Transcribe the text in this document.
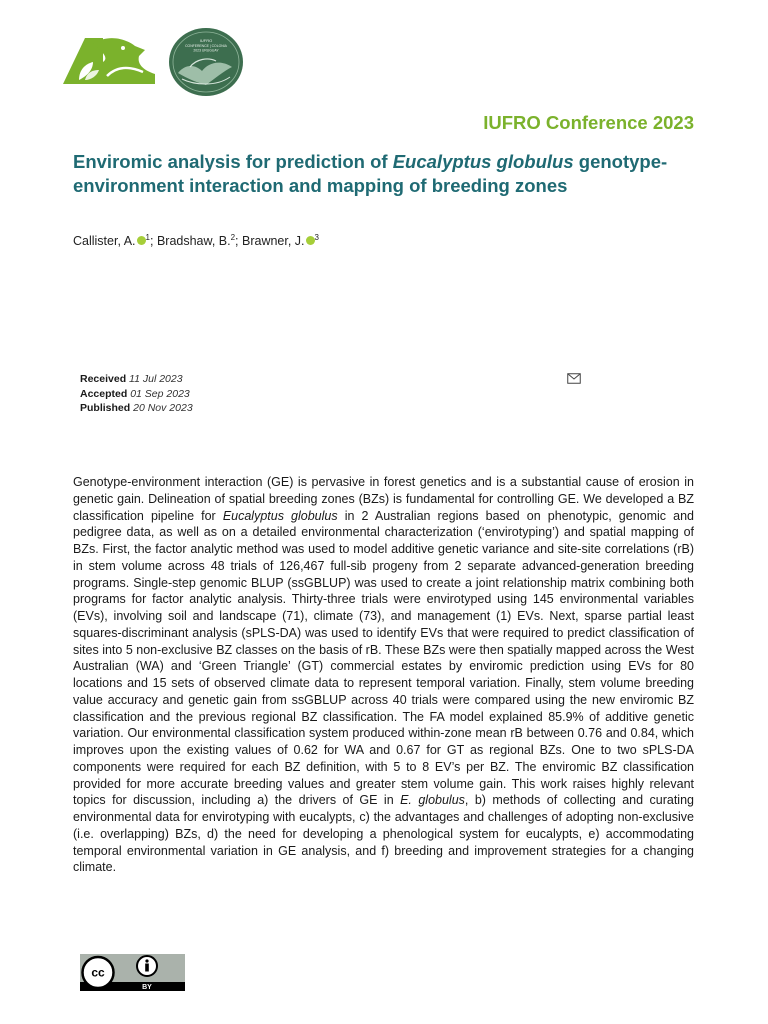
IUFRO
CONFERENCE | COLONIA
2023 URUGUAY
IUFRO Conference 2023
Enviromic analysis for prediction of Eucalyptus globulus genotype-environment interaction and mapping of breeding zones
Callister, A. $^1$; Bradshaw, B.$^2$; Brawner, J. $^3$
Received 11 Jul 2023
Accepted 01 Sep 2023
Published 20 Nov 2023

Genotype-environment interaction (GE) is pervasive in forest genetics and is a substantial cause of erosion in genetic gain. Delineation of spatial breeding zones (BZs) is fundamental for controlling GE. We developed a BZ classification pipeline for Eucalyptus globulus in 2 Australian regions based on phenotypic, genomic and pedigree data, as well as on a detailed environmental characterization (‘envirotyping’) and spatial mapping of BZs. First, the factor analytic method was used to model additive genetic variance and site-site correlations (rB) in stem volume across 48 trials of 126,467 full-sib progeny from 2 separate advanced-generation breeding programs. Single-step genomic BLUP (ssGBLUP) was used to create a joint relationship matrix combining both programs for factor analytic analysis. Thirty-three trials were envirotyped using 145 environmental variables (EVs), involving soil and landscape (71), climate (73), and management (1) EVs. Next, sparse partial least squares-discriminant analysis (sPLS-DA) was used to identify EVs that were required to predict classification of sites into 5 non-exclusive BZ classes on the basis of rB. These BZs were then spatially mapped across the West Australian (WA) and ‘Green Triangle’ (GT) commercial estates by enviromic prediction using EVs for 80 locations and 15 sets of observed climate data to represent temporal variation. Finally, stem volume breeding value accuracy and genetic gain from ssGBLUP across 40 trials were compared using the new enviromic BZ classification and the previous regional BZ classification. The FA model explained 85.9% of additive genetic variation. Our environmental classification system produced within-zone mean rB between 0.76 and 0.84, which improves upon the existing values of 0.62 for WA and 0.67 for GT as regional BZs. One to two sPLS-DA components were required for each BZ definition, with 5 to 8 EV’s per BZ. The enviromic BZ classification provided for more accurate breeding values and greater stem volume gain. This work raises highly relevant topics for discussion, including a) the drivers of GE in E. globulus, b) methods of collecting and curating environmental data for envirotyping with eucalypts, c) the advantages and challenges of adopting non-exclusive (i.e. overlapping) BZs, d) the need for developing a phenological system for eucalypts, e) accommodating temporal environmental variation in GE analysis, and f) breeding and improvement strategies for a changing climate.

cc
BY
